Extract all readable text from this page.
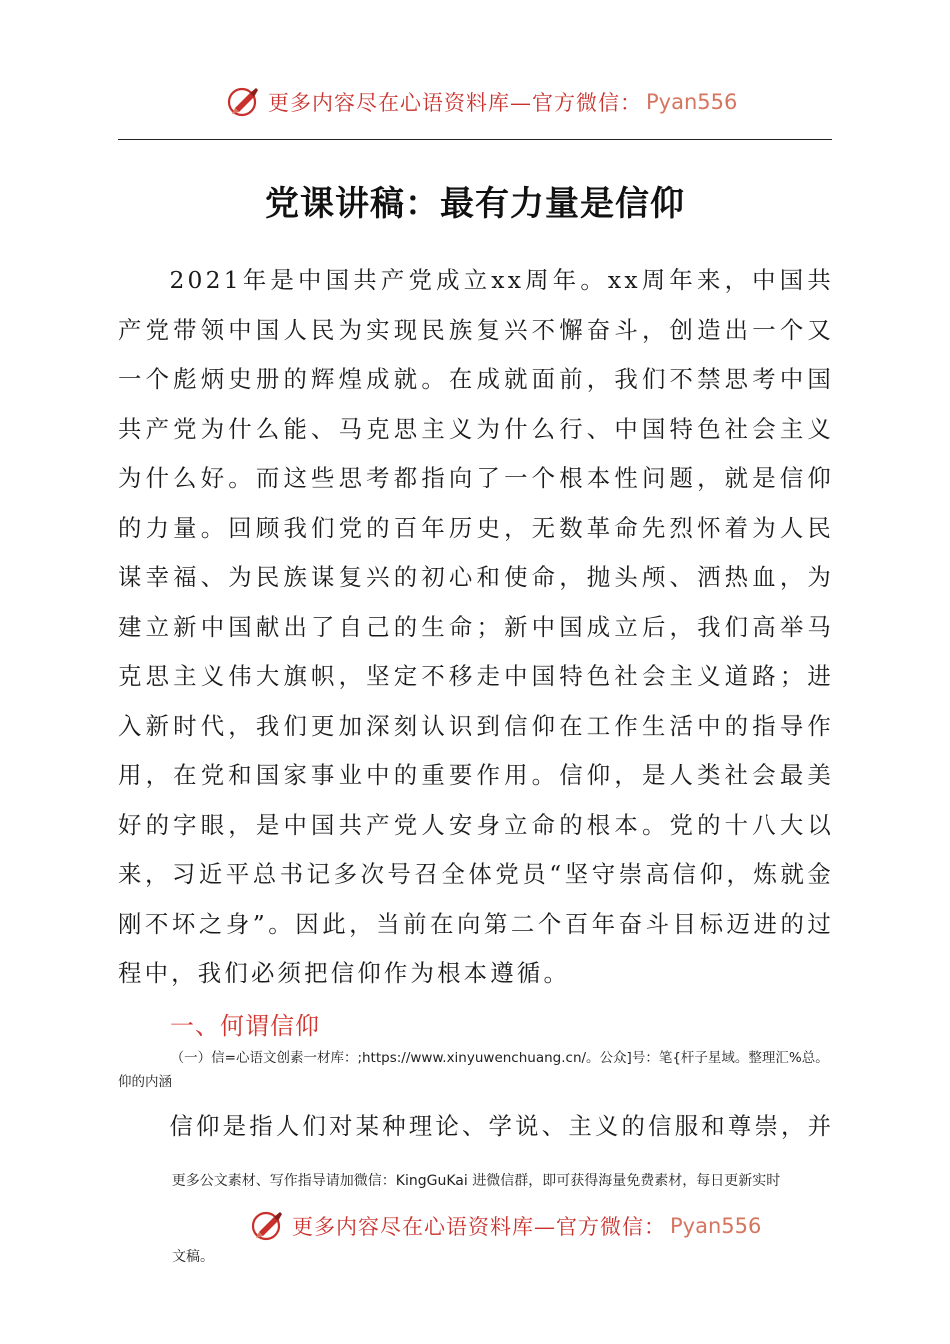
更多内容尽在心语资料库—官方微信： Pyan556
党课讲稿：最有力量是信仰

2021年是中国共产党成立xx周年。xx周年来，中国共产党带领中国人民为实现民族复兴不懈奋斗，创造出一个又一个彪炳史册的辉煌成就。在成就面前，我们不禁思考中国共产党为什么能、马克思主义为什么行、中国特色社会主义为什么好。而这些思考都指向了一个根本性问题，就是信仰的力量。回顾我们党的百年历史，无数革命先烈怀着为人民谋幸福、为民族谋复兴的初心和使命，抛头颅、洒热血，为建立新中国献出了自己的生命；新中国成立后，我们高举马克思主义伟大旗帜，坚定不移走中国特色社会主义道路；进入新时代，我们更加深刻认识到信仰在工作生活中的指导作用，在党和国家事业中的重要作用。信仰，是人类社会最美好的字眼，是中国共产党人安身立命的根本。党的十八大以来，习近平总书记多次号召全体党员“坚守崇高信仰，炼就金刚不坏之身”。因此，当前在向第二个百年奋斗目标迈进的过程中，我们必须把信仰作为根本遵循。

一、何谓信仰

（一）信=心语文创素一材库：;https://www.xinyuwenchuang.cn/。公众]号：笔{杆子星域。整理汇%总。仰的内涵

信仰是指人们对某种理论、学说、主义的信服和尊崇，并

更多公文素材、写作指导请加微信：KingGuKai 进微信群，即可获得海量免费素材，每日更新实时

更多内容尽在心语资料库—官方微信： Pyan556
文稿。
